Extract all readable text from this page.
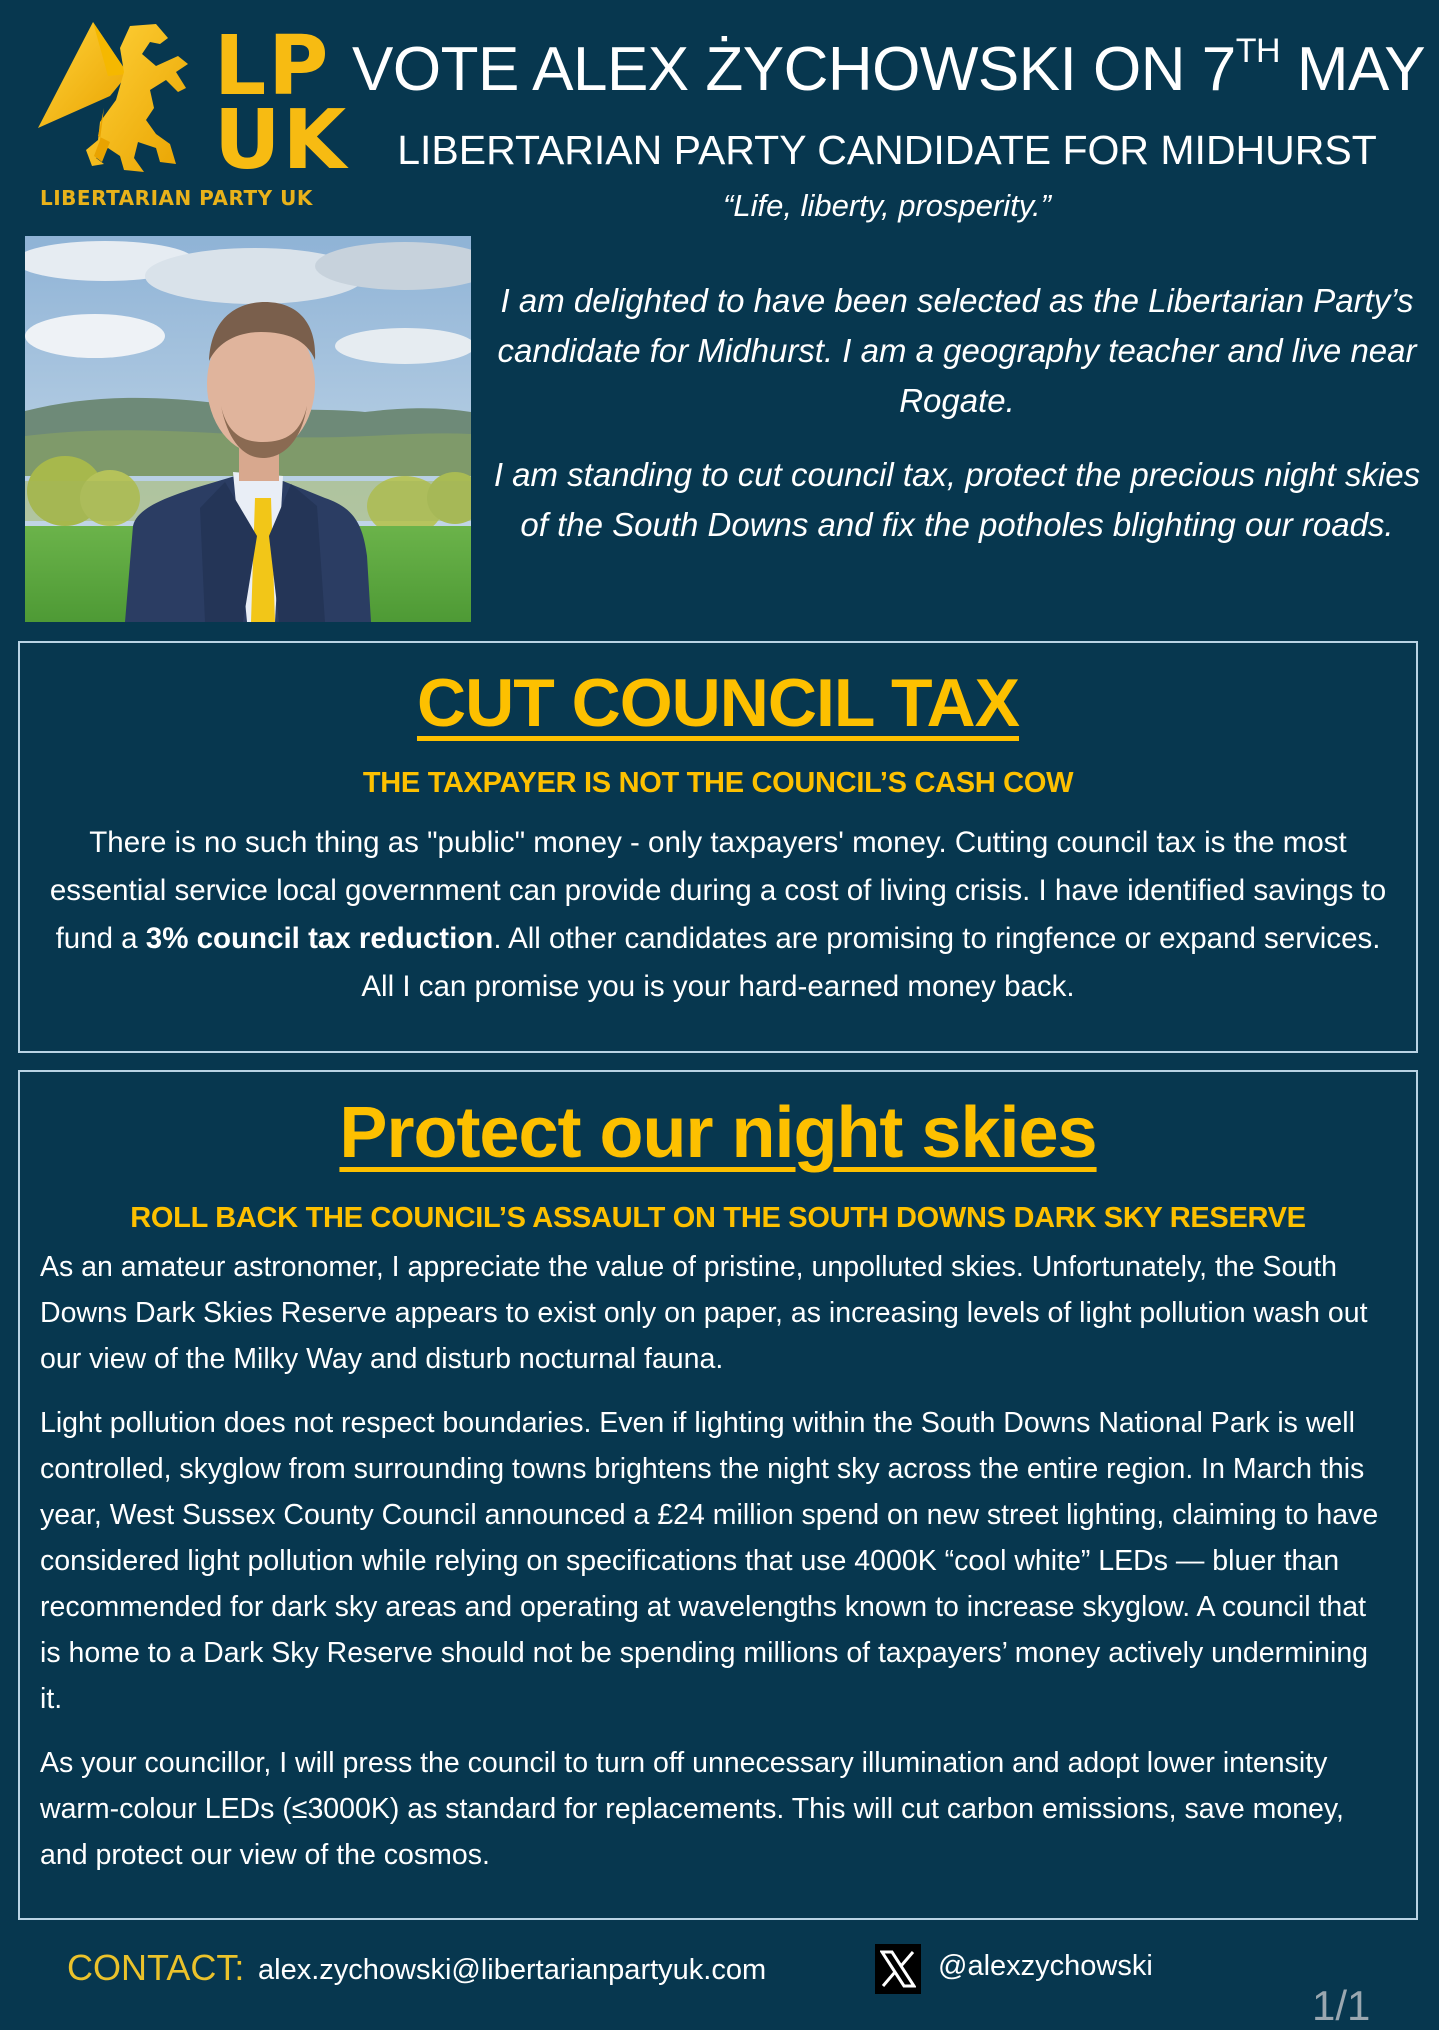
LP
UK
LIBERTARIAN PARTY UK
VOTE ALEX ŻYCHOWSKI ON 7TH MAY
LIBERTARIAN PARTY CANDIDATE FOR MIDHURST
“Life, liberty, prosperity.”

I am delighted to have been selected as the Libertarian Party’s candidate for Midhurst. I am a geography teacher and live near Rogate.

I am standing to cut council tax, protect the precious night skies of the South Downs and fix the potholes blighting our roads.

CUT COUNCIL TAX
THE TAXPAYER IS NOT THE COUNCIL’S CASH COW
There is no such thing as "public" money - only taxpayers' money. Cutting council tax is the most essential service local government can provide during a cost of living crisis. I have identified savings to fund a 3% council tax reduction. All other candidates are promising to ringfence or expand services. All I can promise you is your hard-earned money back.
Protect our night skies
ROLL BACK THE COUNCIL’S ASSAULT ON THE SOUTH DOWNS DARK SKY RESERVE

As an amateur astronomer, I appreciate the value of pristine, unpolluted skies. Unfortunately, the South Downs Dark Skies Reserve appears to exist only on paper, as increasing levels of light pollution wash out our view of the Milky Way and disturb nocturnal fauna.

Light pollution does not respect boundaries. Even if lighting within the South Downs National Park is well controlled, skyglow from surrounding towns brightens the night sky across the entire region. In March this year, West Sussex County Council announced a £24 million spend on new street lighting, claiming to have considered light pollution while relying on specifications that use 4000K “cool white” LEDs — bluer than recommended for dark sky areas and operating at wavelengths known to increase skyglow. A council that is home to a Dark Sky Reserve should not be spending millions of taxpayers’ money actively undermining it.

As your councillor, I will press the council to turn off unnecessary illumination and adopt lower intensity warm-colour LEDs (≤3000K) as standard for replacements. This will cut carbon emissions, save money, and protect our view of the cosmos.

CONTACT: alex.zychowski@libertarianpartyuk.com	@alexzychowski
1/1
